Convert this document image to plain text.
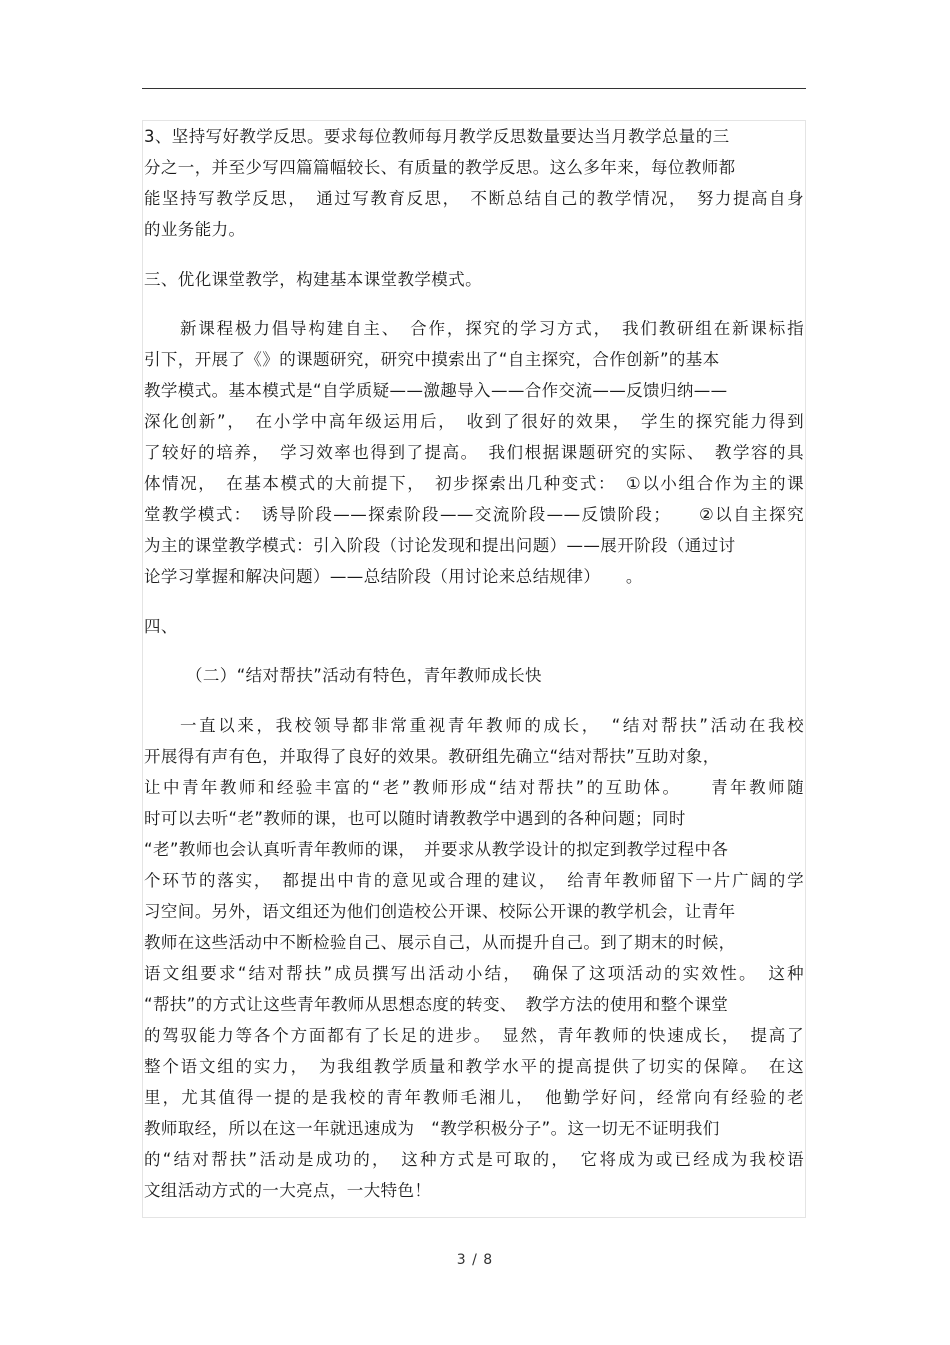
3、坚持写好教学反思。要求每位教师每月教学反思数量要达当月教学总量的三
分之一，并至少写四篇篇幅较长、有质量的教学反思。这么多年来，每位教师都
能坚持写教学反思，　通过写教育反思，　不断总结自己的教学情况，　努力提高自身
的业务能力。
三、优化课堂教学，构建基本课堂教学模式。
新课程极力倡导构建自主、　合作，探究的学习方式，　我们教研组在新课标指
引下，开展了《》的课题研究，研究中摸索出了“自主探究，合作创新”的基本
教学模式。基本模式是“自学质疑——激趣导入——合作交流——反馈归纳——
深化创新”，　在小学中高年级运用后，　收到了很好的效果，　学生的探究能力得到
了较好的培养，　学习效率也得到了提高。　我们根据课题研究的实际、　教学容的具
体情况，　在基本模式的大前提下，　初步探索出几种变式：　①以小组合作为主的课
堂教学模式：　诱导阶段——探索阶段——交流阶段——反馈阶段；　　②以自主探究
为主的课堂教学模式：引入阶段（讨论发现和提出问题）——展开阶段（通过讨
论学习掌握和解决问题）——总结阶段（用讨论来总结规律）　　。
四、
（二）“结对帮扶”活动有特色，青年教师成长快
一直以来，我校领导都非常重视青年教师的成长，　“结对帮扶”活动在我校
开展得有声有色，并取得了良好的效果。教研组先确立“结对帮扶”互助对象，
让中青年教师和经验丰富的“老”教师形成“结对帮扶”的互助体。　　青年教师随
时可以去听“老”教师的课，也可以随时请教教学中遇到的各种问题；同时
“老”教师也会认真听青年教师的课，　并要求从教学设计的拟定到教学过程中各
个环节的落实，　都提出中肯的意见或合理的建议，　给青年教师留下一片广阔的学
习空间。另外，语文组还为他们创造校公开课、校际公开课的教学机会，让青年
教师在这些活动中不断检验自己、展示自己，从而提升自己。到了期末的时候，
语文组要求“结对帮扶”成员撰写出活动小结，　确保了这项活动的实效性。　这种
“帮扶”的方式让这些青年教师从思想态度的转变、　教学方法的使用和整个课堂
的驾驭能力等各个方面都有了长足的进步。　显然，青年教师的快速成长，　提高了
整个语文组的实力，　为我组教学质量和教学水平的提高提供了切实的保障。　在这
里，尤其值得一提的是我校的青年教师毛湘儿，　他勤学好问，经常向有经验的老
教师取经，所以在这一年就迅速成为　“教学积极分子”。这一切无不证明我们
的“结对帮扶”活动是成功的，　这种方式是可取的，　它将成为或已经成为我校语
文组活动方式的一大亮点，一大特色！
3 / 8
